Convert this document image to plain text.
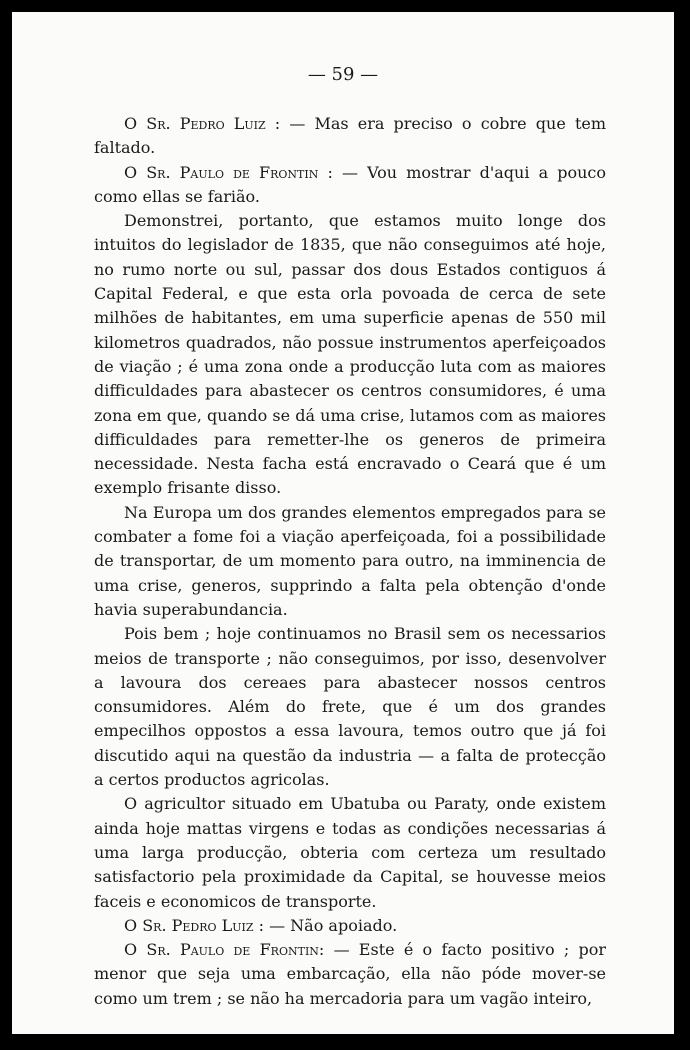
— 59 —

O Sr. Pedro Luiz : — Mas era preciso o cobre que tem faltado.

O Sr. Paulo de Frontin : — Vou mostrar d'aqui a pouco como ellas se farião.

Demonstrei, portanto, que estamos muito longe dos intuitos do legislador de 1835, que não conseguimos até hoje, no rumo norte ou sul, passar dos dous Estados contiguos á Capital Federal, e que esta orla povoada de cerca de sete milhões de habitantes, em uma superficie apenas de 550 mil kilometros quadrados, não possue instrumentos aperfeiçoados de viação ; é uma zona onde a producção luta com as maiores difficuldades para abastecer os centros consumidores, é uma zona em que, quando se dá uma crise, lutamos com as maiores difficuldades para remetter-lhe os generos de primeira necessidade. Nesta facha está encravado o Ceará que é um exemplo frisante disso.

Na Europa um dos grandes elementos empregados para se combater a fome foi a viação aperfeiçoada, foi a possibilidade de transportar, de um momento para outro, na imminencia de uma crise, generos, supprindo a falta pela obtenção d'onde havia superabundancia.

Pois bem ; hoje continuamos no Brasil sem os necessarios meios de transporte ; não conseguimos, por isso, desenvolver a lavoura dos cereaes para abastecer nossos centros consumidores. Além do frete, que é um dos grandes empecilhos oppostos a essa lavoura, temos outro que já foi discutido aqui na questão da industria — a falta de protecção a certos productos agricolas.

O agricultor situado em Ubatuba ou Paraty, onde existem ainda hoje mattas virgens e todas as condições necessarias á uma larga producção, obteria com certeza um resultado satisfactorio pela proximidade da Capital, se houvesse meios faceis e economicos de transporte.

O Sr. Pedro Luiz : — Não apoiado.

O Sr. Paulo de Frontin: — Este é o facto positivo ; por menor que seja uma embarcação, ella não póde mover-se como um trem ; se não ha mercadoria para um vagão inteiro,
